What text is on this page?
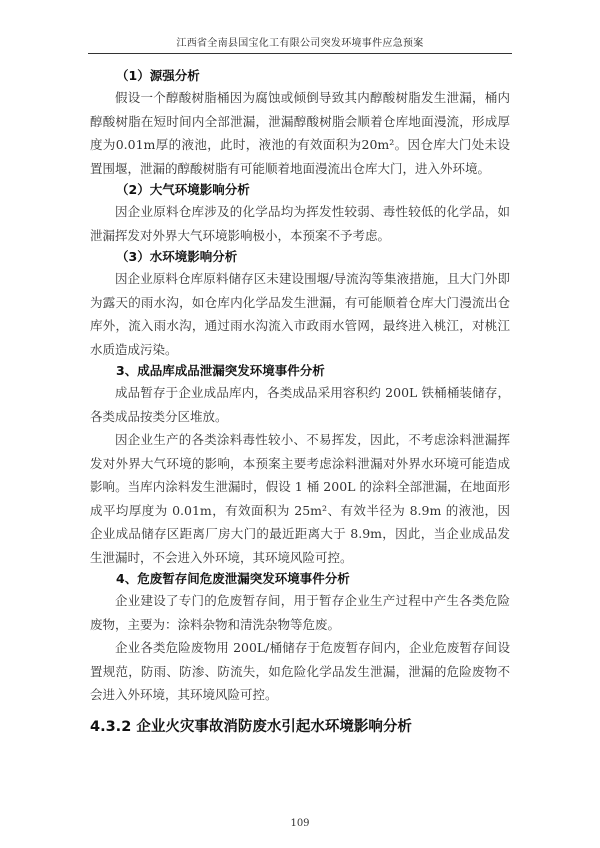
江西省全南县国宝化工有限公司突发环境事件应急预案

（1）源强分析

假设一个醇酸树脂桶因为腐蚀或倾倒导致其内醇酸树脂发生泄漏，桶内醇酸树脂在短时间内全部泄漏，泄漏醇酸树脂会顺着仓库地面漫流，形成厚度为0.01m厚的液池，此时，液池的有效面积为20m²。因仓库大门处未设置围堰，泄漏的醇酸树脂有可能顺着地面漫流出仓库大门，进入外环境。

（2）大气环境影响分析

因企业原料仓库涉及的化学品均为挥发性较弱、毒性较低的化学品，如泄漏挥发对外界大气环境影响极小，本预案不予考虑。

（3）水环境影响分析

因企业原料仓库原料储存区未建设围堰/导流沟等集液措施，且大门外即为露天的雨水沟，如仓库内化学品发生泄漏，有可能顺着仓库大门漫流出仓库外，流入雨水沟，通过雨水沟流入市政雨水管网，最终进入桃江，对桃江水质造成污染。

3、成品库成品泄漏突发环境事件分析

成品暂存于企业成品库内，各类成品采用容积约 200L 铁桶桶装储存，各类成品按类分区堆放。

因企业生产的各类涂料毒性较小、不易挥发，因此，不考虑涂料泄漏挥发对外界大气环境的影响，本预案主要考虑涂料泄漏对外界水环境可能造成影响。当库内涂料发生泄漏时，假设 1 桶 200L 的涂料全部泄漏，在地面形成平均厚度为 0.01m，有效面积为 25m²、有效半径为 8.9m 的液池，因企业成品储存区距离厂房大门的最近距离大于 8.9m，因此，当企业成品发生泄漏时，不会进入外环境，其环境风险可控。

4、危废暂存间危废泄漏突发环境事件分析

企业建设了专门的危废暂存间，用于暂存企业生产过程中产生各类危险废物，主要为：涂料杂物和清洗杂物等危废。

企业各类危险废物用 200L/桶储存于危废暂存间内，企业危废暂存间设置规范，防雨、防渗、防流失，如危险化学品发生泄漏，泄漏的危险废物不会进入外环境，其环境风险可控。

4.3.2 企业火灾事故消防废水引起水环境影响分析

109
